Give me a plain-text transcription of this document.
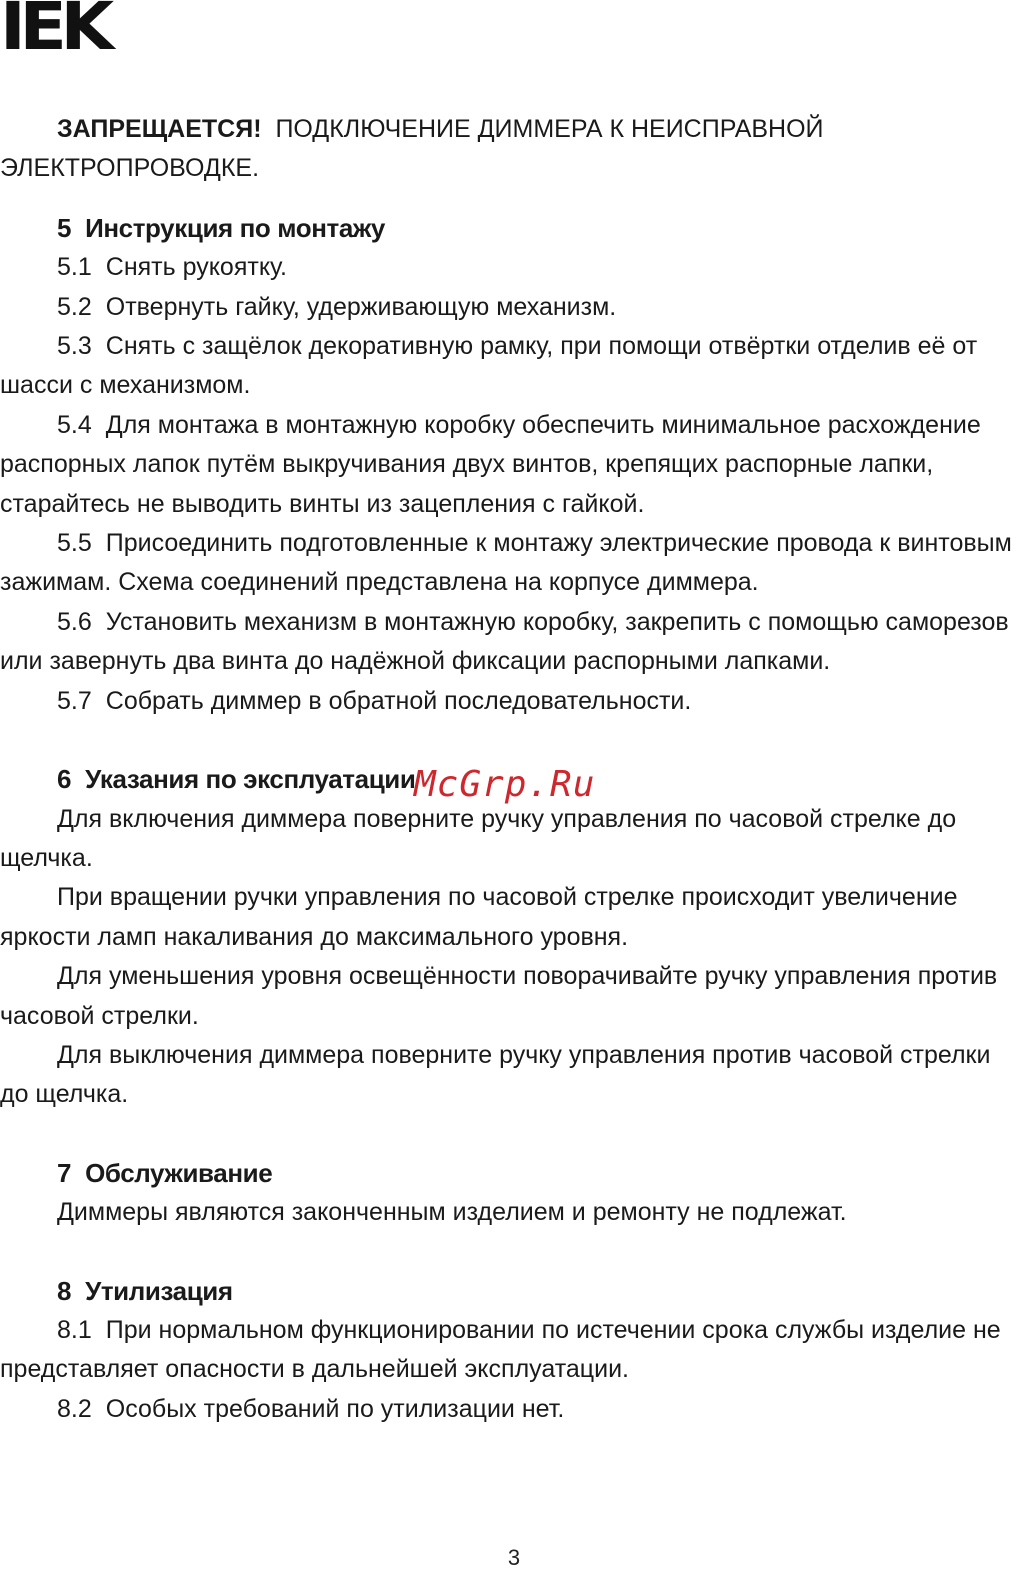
IEK

ЗАПРЕЩАЕТСЯ! ПОДКЛЮЧЕНИЕ ДИММЕРА К НЕИСПРАВНОЙ ЭЛЕКТРОПРОВОДКЕ.

5 Инструкция по монтажу

5.1 Снять рукоятку.

5.2 Отвернуть гайку, удерживающую механизм.

5.3 Снять с защёлок декоративную рамку, при помощи отвёртки отделив её от шасси с механизмом.

5.4 Для монтажа в монтажную коробку обеспечить минимальное расхождение распорных лапок путём выкручивания двух винтов, крепящих распорные лапки, старайтесь не выводить винты из зацепления с гайкой.

5.5 Присоединить подготовленные к монтажу электрические провода к винтовым зажимам. Схема соединений представлена на корпусе диммера.

5.6 Установить механизм в монтажную коробку, закрепить с помощью саморезов или завернуть два винта до надёжной фиксации распорными лапками.

5.7 Собрать диммер в обратной последовательности.

6 Указания по эксплуатации

Для включения диммера поверните ручку управления по часовой стрелке до щелчка.

При вращении ручки управления по часовой стрелке происходит увеличение яркости ламп накаливания до максимального уровня.

Для уменьшения уровня освещённости поворачивайте ручку управления против часовой стрелки.

Для выключения диммера поверните ручку управления против часовой стрелки до щелчка.

7 Обслуживание

Диммеры являются законченным изделием и ремонту не подлежат.

8 Утилизация

8.1 При нормальном функционировании по истечении срока службы изделие не представляет опасности в дальнейшей эксплуатации.

8.2 Особых требований по утилизации нет.

McGrp.Ru
3
